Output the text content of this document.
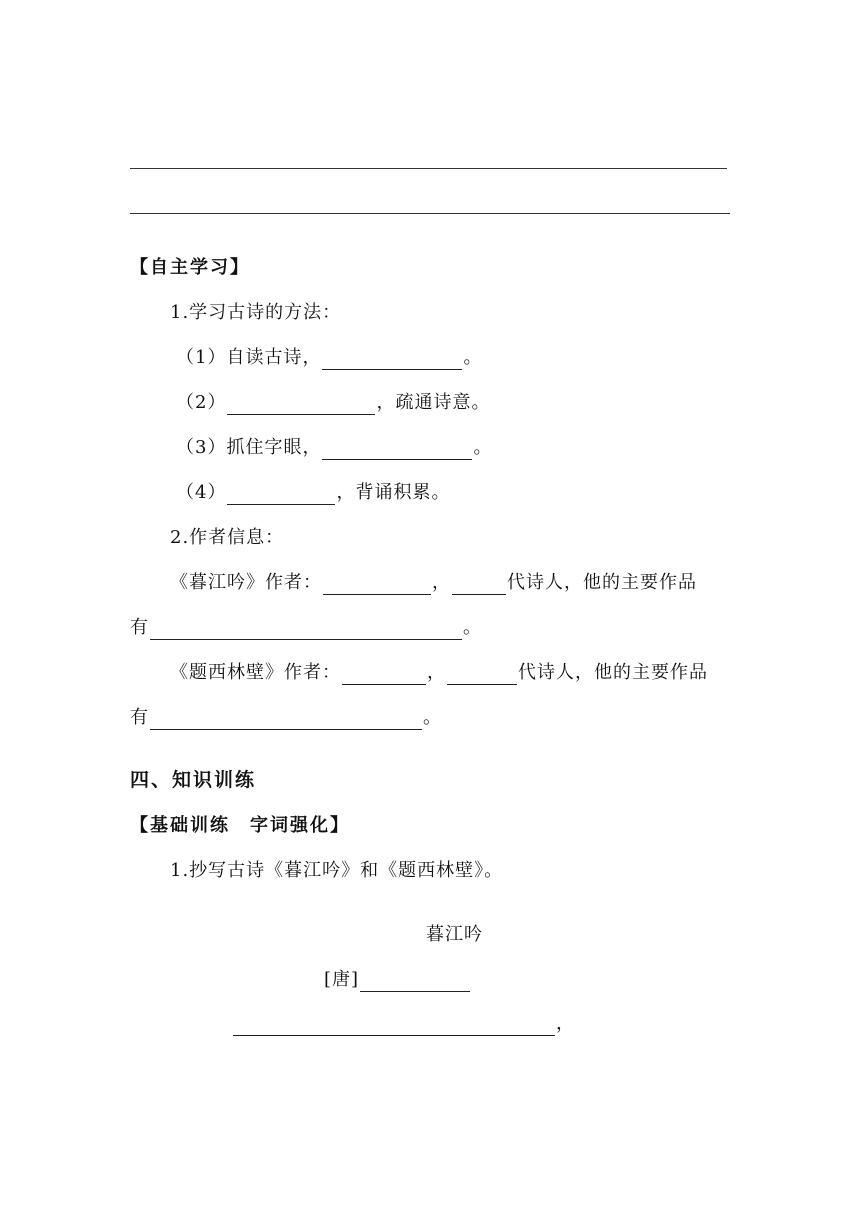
【自主学习】
1.学习古诗的方法：
（1）自读古诗，	。
（2）	，疏通诗意。
（3）抓住字眼，	。
（4）	，背诵积累。
2.作者信息：
《暮江吟》作者：	，	代诗人，他的主要作品
有	。
《题西林壁》作者：	，	代诗人，他的主要作品
有	。
四、知识训练
【基础训练　字词强化】
1.抄写古诗《暮江吟》和《题西林壁》。
暮江吟
[唐]
，
